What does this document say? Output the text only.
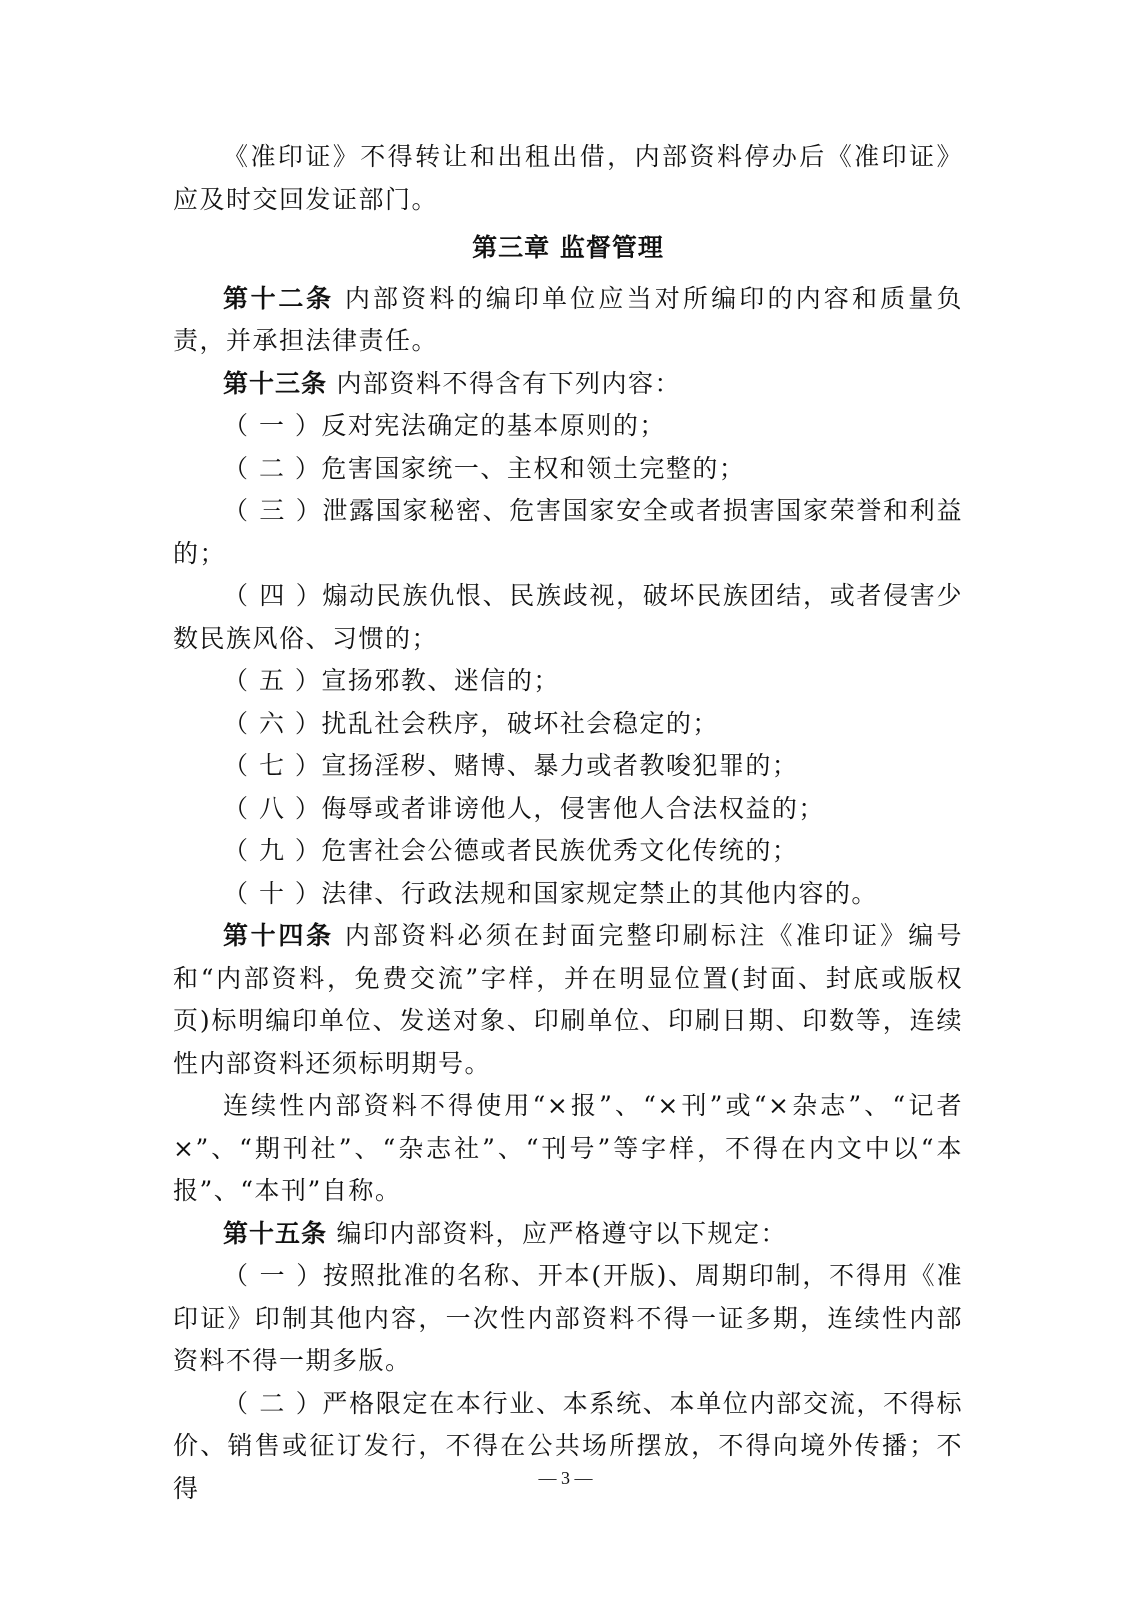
《准印证》不得转让和出租出借，内部资料停办后《准印证》应及时交回发证部门。

第三章 监督管理

第十二条 内部资料的编印单位应当对所编印的内容和质量负责，并承担法律责任。

第十三条 内部资料不得含有下列内容：

（ 一 ）反对宪法确定的基本原则的；

（ 二 ）危害国家统一、主权和领土完整的；

（ 三 ）泄露国家秘密、危害国家安全或者损害国家荣誉和利益的；

（ 四 ）煽动民族仇恨、民族歧视，破坏民族团结，或者侵害少数民族风俗、习惯的；

（ 五 ）宣扬邪教、迷信的；

（ 六 ）扰乱社会秩序，破坏社会稳定的；

（ 七 ）宣扬淫秽、赌博、暴力或者教唆犯罪的；

（ 八 ）侮辱或者诽谤他人，侵害他人合法权益的；

（ 九 ）危害社会公德或者民族优秀文化传统的；

（ 十 ）法律、行政法规和国家规定禁止的其他内容的。

第十四条 内部资料必须在封面完整印刷标注《准印证》编号和“内部资料，免费交流”字样，并在明显位置(封面、封底或版权页)标明编印单位、发送对象、印刷单位、印刷日期、印数等，连续性内部资料还须标明期号。

连续性内部资料不得使用“×报”、“×刊”或“×杂志”、“记者×”、“期刊社”、“杂志社”、“刊号”等字样，不得在内文中以“本报”、“本刊”自称。

第十五条 编印内部资料，应严格遵守以下规定：

（ 一 ）按照批准的名称、开本(开版)、周期印制，不得用《准印证》印制其他内容，一次性内部资料不得一证多期，连续性内部资料不得一期多版。

（ 二 ）严格限定在本行业、本系统、本单位内部交流，不得标价、销售或征订发行，不得在公共场所摆放，不得向境外传播；不得	— 3 —
